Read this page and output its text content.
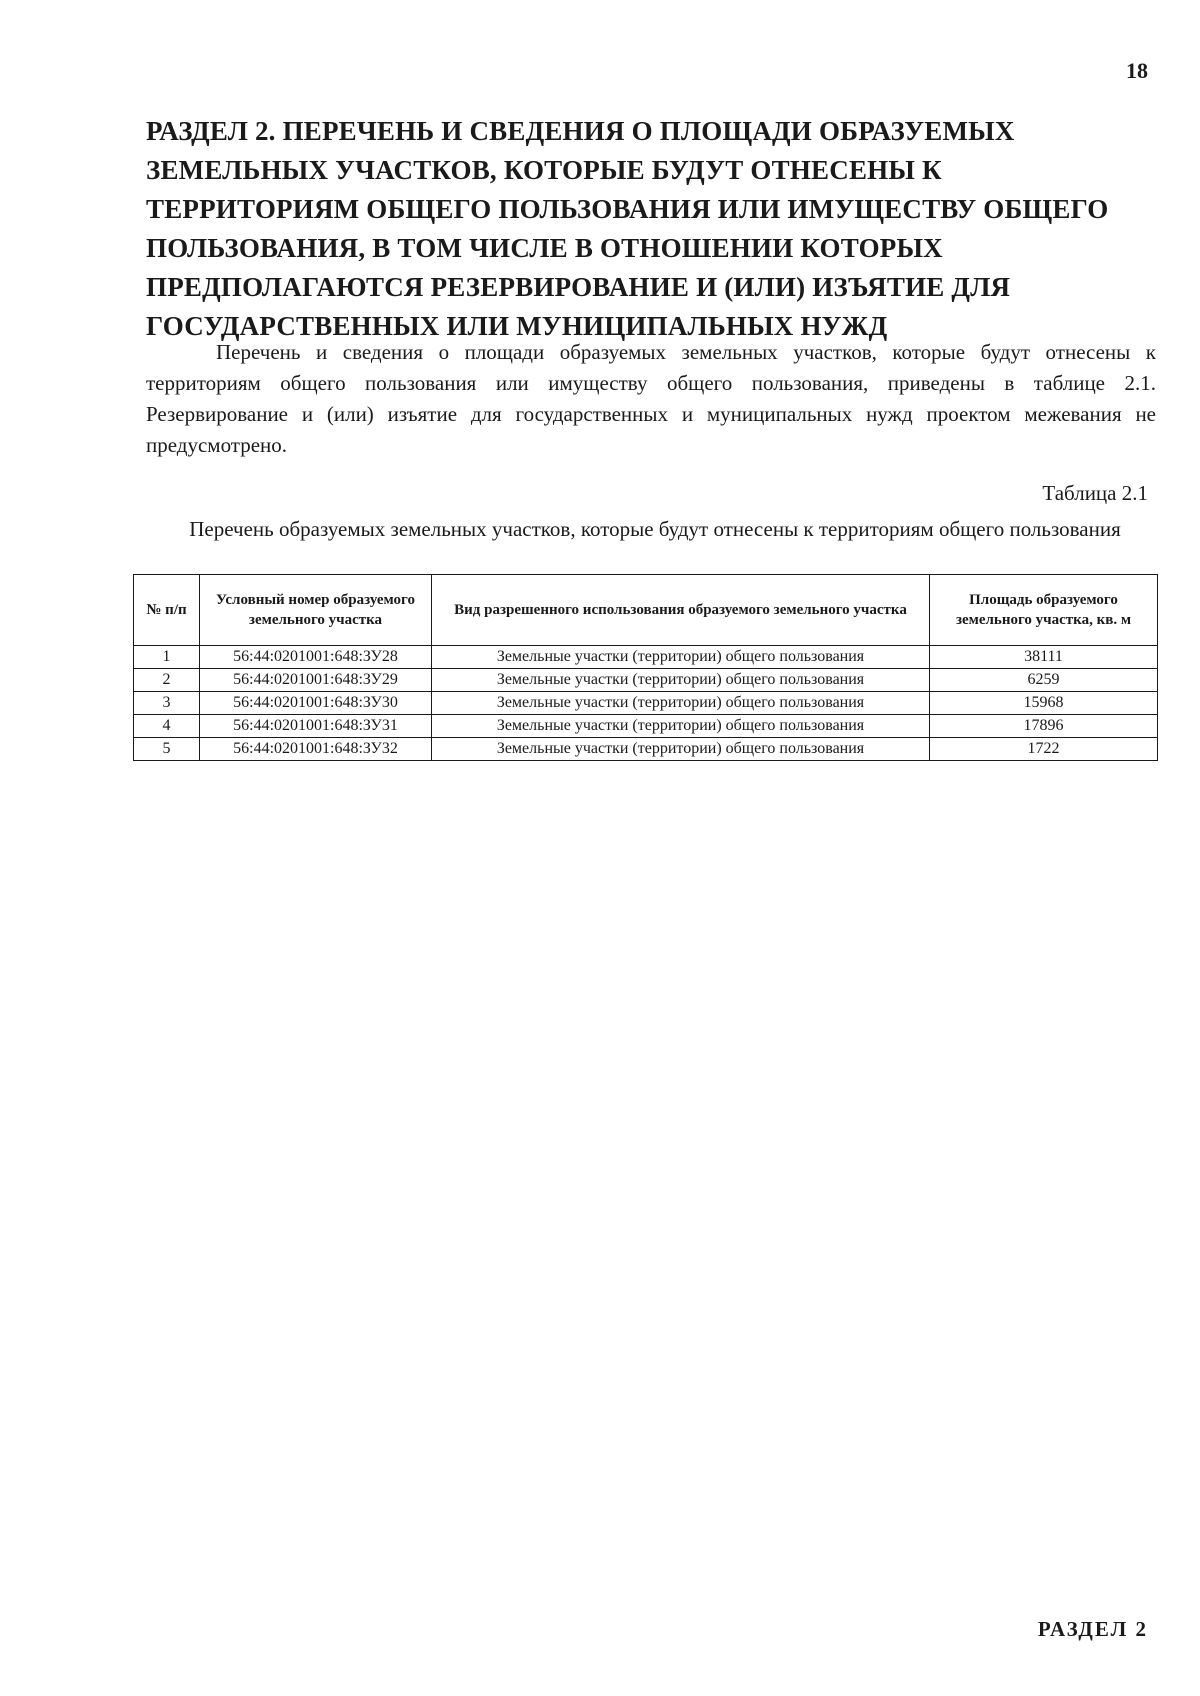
18
РАЗДЕЛ 2. ПЕРЕЧЕНЬ И СВЕДЕНИЯ О ПЛОЩАДИ ОБРАЗУЕМЫХ ЗЕМЕЛЬНЫХ УЧАСТКОВ, КОТОРЫЕ БУДУТ ОТНЕСЕНЫ К ТЕРРИТОРИЯМ ОБЩЕГО ПОЛЬЗОВАНИЯ ИЛИ ИМУЩЕСТВУ ОБЩЕГО ПОЛЬЗОВАНИЯ, В ТОМ ЧИСЛЕ В ОТНОШЕНИИ КОТОРЫХ ПРЕДПОЛАГАЮТСЯ РЕЗЕРВИРОВАНИЕ И (ИЛИ) ИЗЪЯТИЕ ДЛЯ ГОСУДАРСТВЕННЫХ ИЛИ МУНИЦИПАЛЬНЫХ НУЖД

Перечень и сведения о площади образуемых земельных участков, которые будут отнесены к территориям общего пользования или имуществу общего пользования, приведены в таблице 2.1. Резервирование и (или) изъятие для государственных и муниципальных нужд проектом межевания не предусмотрено.

Таблица 2.1
Перечень образуемых земельных участков, которые будут отнесены к территориям общего пользования
№ п/п	Условный номер образуемого земельного участка	Вид разрешенного использования образуемого земельного участка	Площадь образуемого земельного участка, кв. м
1	56:44:0201001:648:ЗУ28	Земельные участки (территории) общего пользования	38111
2	56:44:0201001:648:ЗУ29	Земельные участки (территории) общего пользования	6259
3	56:44:0201001:648:ЗУ30	Земельные участки (территории) общего пользования	15968
4	56:44:0201001:648:ЗУ31	Земельные участки (территории) общего пользования	17896
5	56:44:0201001:648:ЗУ32	Земельные участки (территории) общего пользования	1722
РАЗДЕЛ 2
